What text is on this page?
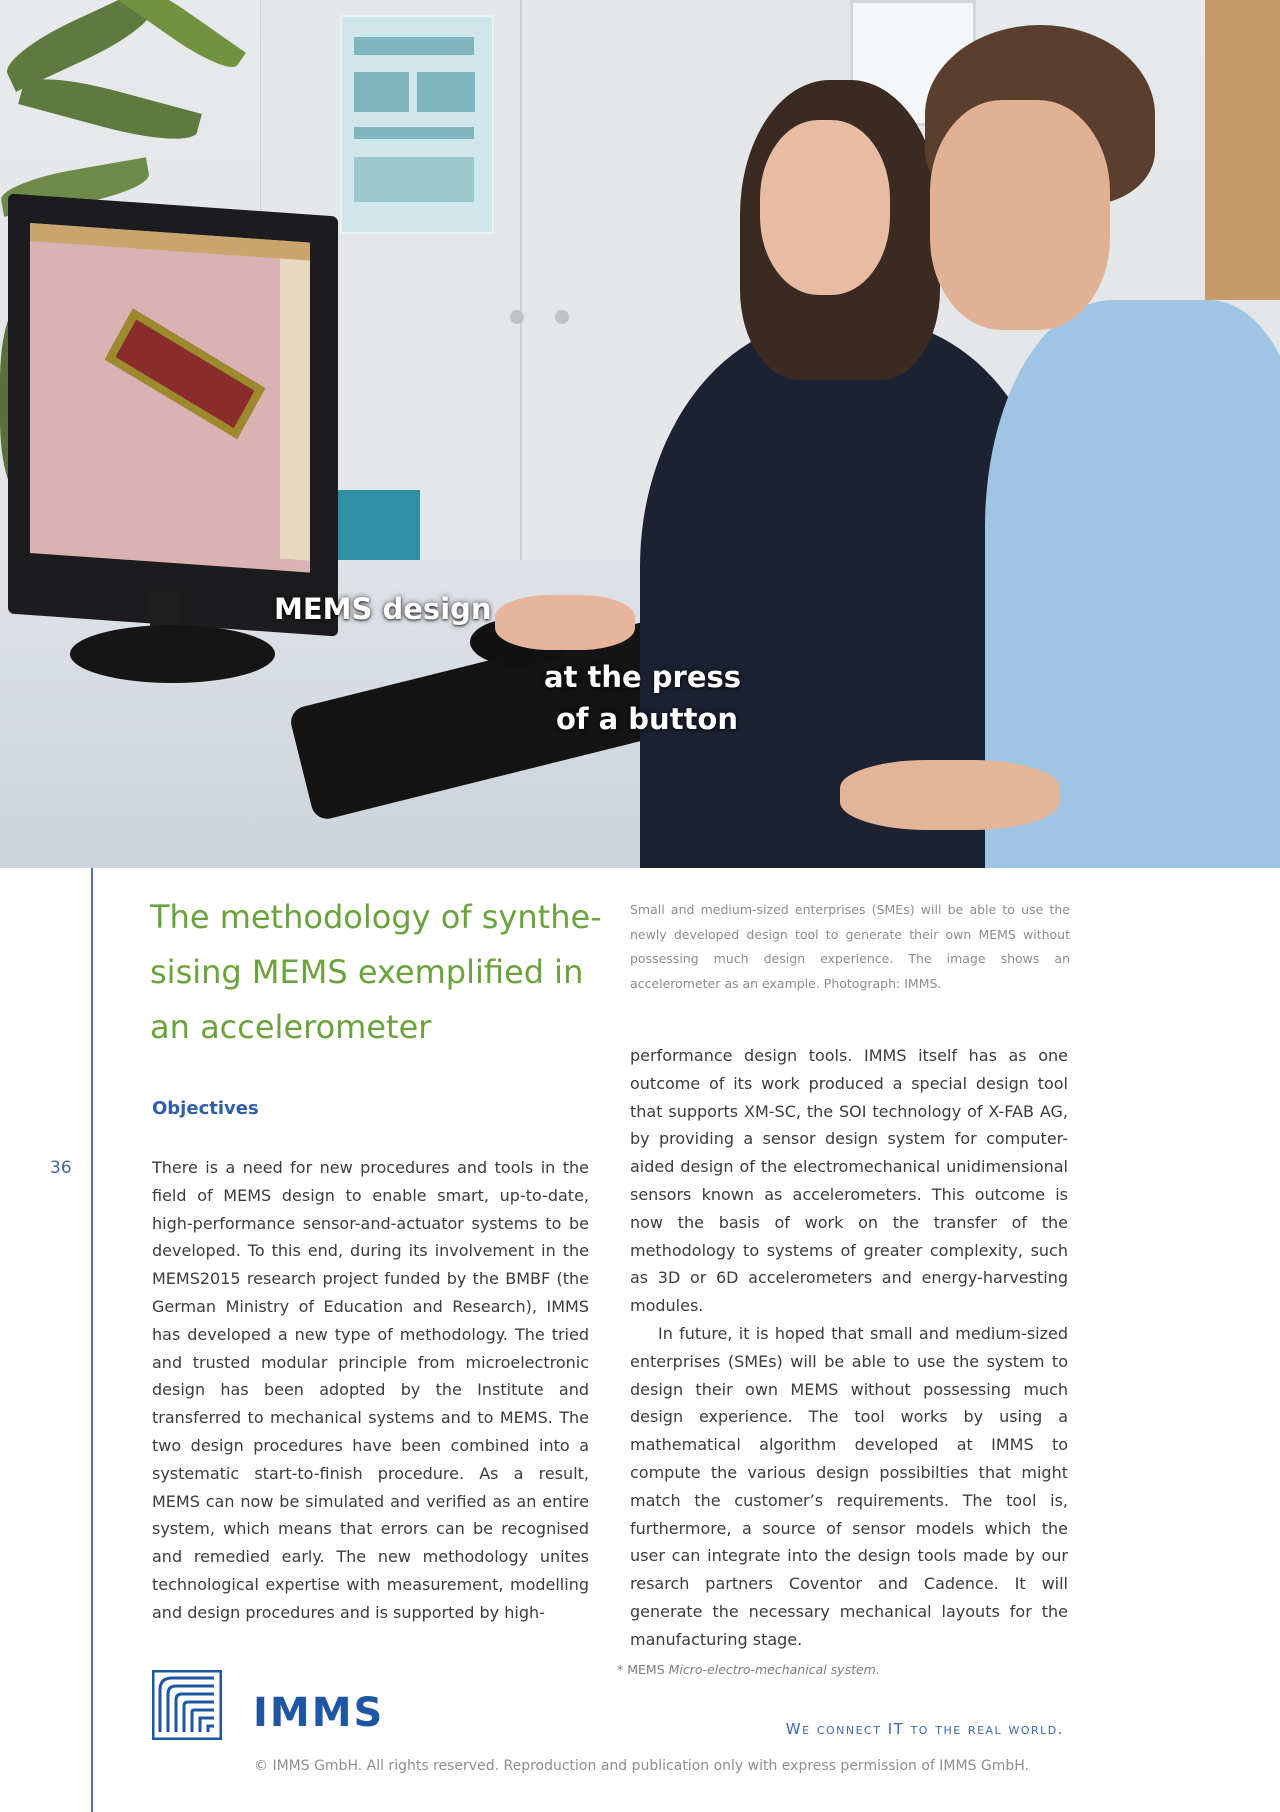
MEMS design
at the press
of a button
36
The methodology of synthe-
sising MEMS exemplified in
an accelerometer
Small and medium-sized enterprises (SMEs) will be able to use the newly developed design tool to generate their own MEMS without possessing much design experience. The image shows an accelerometer as an example. Photograph: IMMS.
Objectives

There is a need for new procedures and tools in the field of MEMS design to enable smart, up-to-date, high-performance sensor-and-actuator systems to be developed. To this end, during its involvement in the MEMS2015 research project funded by the BMBF (the German Ministry of Education and Research), IMMS has developed a new type of methodology. The tried and trusted modular principle from microelectronic design has been adopted by the Institute and transferred to mechanical systems and to MEMS. The two design procedures have been combined into a systematic start-to-finish procedure. As a result, MEMS can now be simulated and verified as an entire system, which means that errors can be recognised and remedied early. The new methodology unites technological expertise with measurement, modelling and design procedures and is supported by high-

performance design tools. IMMS itself has as one outcome of its work produced a special design tool that supports XM-SC, the SOI technology of X-FAB AG, by providing a sensor design system for computer-aided design of the electromechanical unidimensional sensors known as accelerometers. This outcome is now the basis of work on the transfer of the methodology to systems of greater complexity, such as 3D or 6D accelerometers and energy-harvesting modules.

In future, it is hoped that small and medium-sized enterprises (SMEs) will be able to use the system to design their own MEMS without possessing much design experience. The tool works by using a mathematical algorithm developed at IMMS to compute the various design possibilties that might match the customer’s requirements. The tool is, furthermore, a source of sensor models which the user can integrate into the design tools made by our resarch partners Coventor and Cadence. It will generate the necessary mechanical layouts for the manufacturing stage.

* MEMS Micro-electro-mechanical system.
IMMS	We connect IT to the real world.
© IMMS GmbH. All rights reserved. Reproduction and publication only with express permission of IMMS GmbH.
